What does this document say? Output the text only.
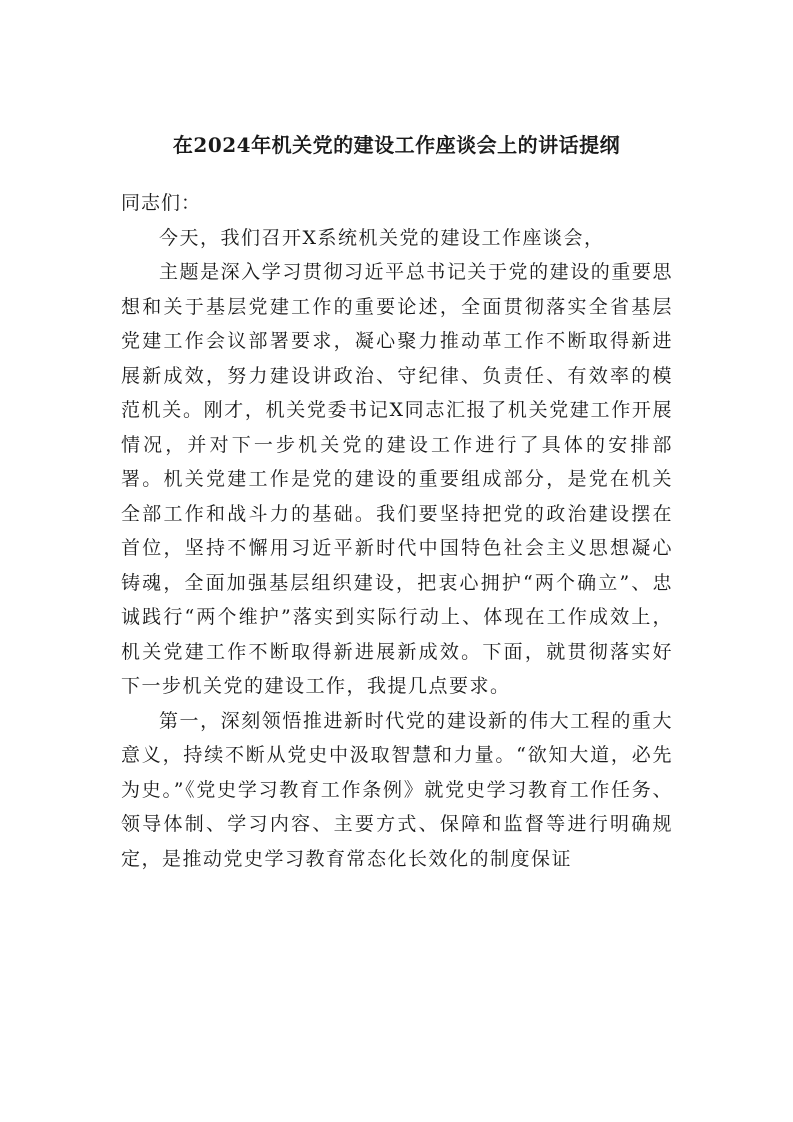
在2024年机关党的建设工作座谈会上的讲话提纲

同志们：

今天，我们召开X系统机关党的建设工作座谈会，

主题是深入学习贯彻习近平总书记关于党的建设的重要思想和关于基层党建工作的重要论述，全面贯彻落实全省基层党建工作会议部署要求，凝心聚力推动革工作不断取得新进展新成效，努力建设讲政治、守纪律、负责任、有效率的模范机关。刚才，机关党委书记X同志汇报了机关党建工作开展情况，并对下一步机关党的建设工作进行了具体的安排部署。机关党建工作是党的建设的重要组成部分，是党在机关全部工作和战斗力的基础。我们要坚持把党的政治建设摆在首位，坚持不懈用习近平新时代中国特色社会主义思想凝心铸魂，全面加强基层组织建设，把衷心拥护“两个确立”、忠诚践行“两个维护”落实到实际行动上、体现在工作成效上，机关党建工作不断取得新进展新成效。下面，就贯彻落实好下一步机关党的建设工作，我提几点要求。

第一，深刻领悟推进新时代党的建设新的伟大工程的重大意义，持续不断从党史中汲取智慧和力量。“欲知大道，必先为史。”《党史学习教育工作条例》就党史学习教育工作任务、领导体制、学习内容、主要方式、保障和监督等进行明确规定，是推动党史学习教育常态化长效化的制度保证
